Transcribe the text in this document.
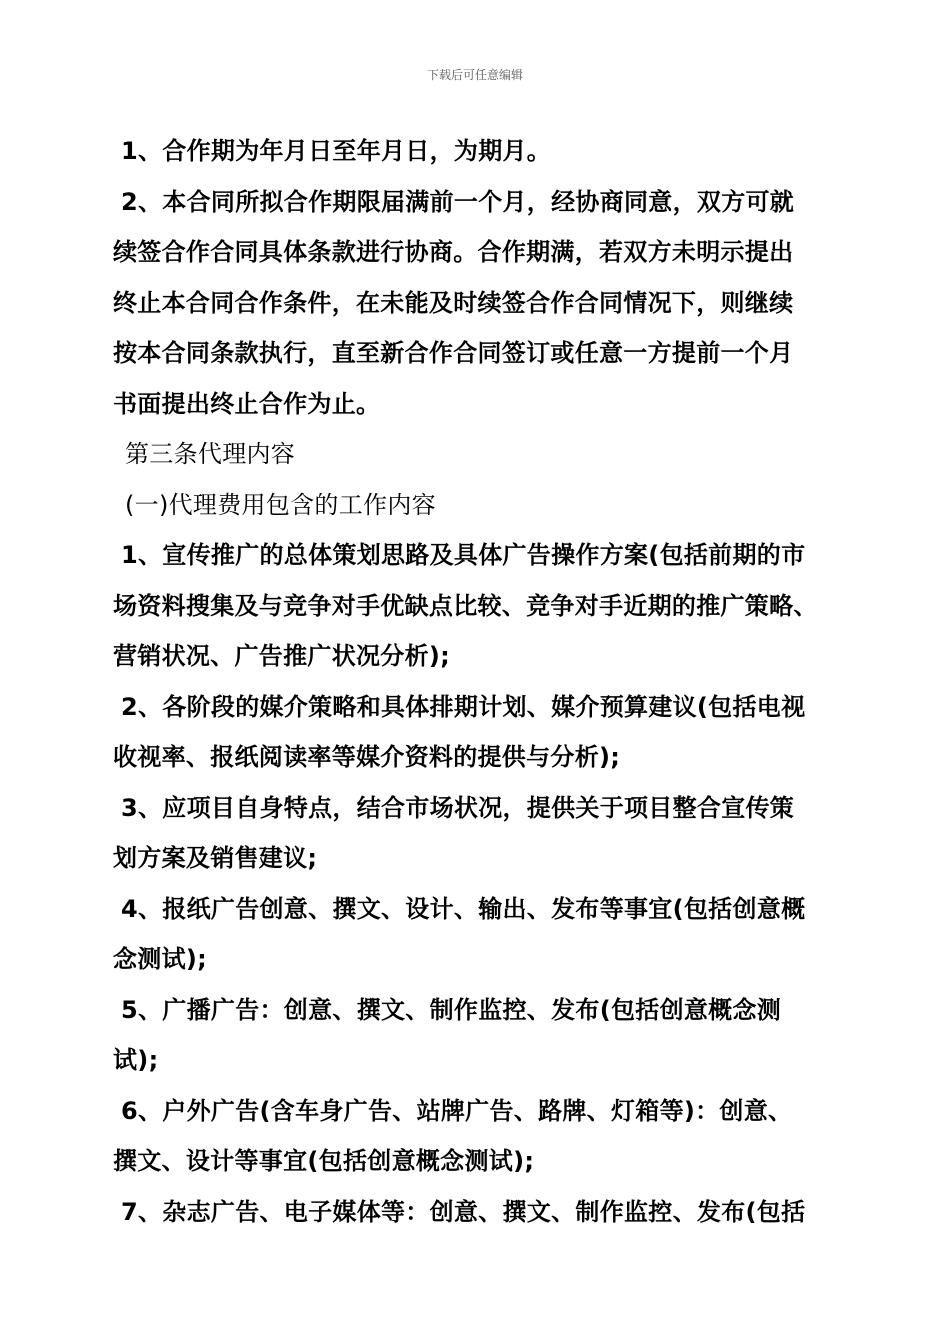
下载后可任意编辑
1、合作期为年月日至年月日，为期月。
2、本合同所拟合作期限届满前一个月，经协商同意，双方可就
续签合作合同具体条款进行协商。合作期满，若双方未明示提出
终止本合同合作条件，在未能及时续签合作合同情况下，则继续
按本合同条款执行，直至新合作合同签订或任意一方提前一个月
书面提出终止合作为止。
第三条代理内容
(一)代理费用包含的工作内容
1、宣传推广的总体策划思路及具体广告操作方案(包括前期的市
场资料搜集及与竞争对手优缺点比较、竞争对手近期的推广策略、
营销状况、广告推广状况分析);
2、各阶段的媒介策略和具体排期计划、媒介预算建议(包括电视
收视率、报纸阅读率等媒介资料的提供与分析);
3、应项目自身特点，结合市场状况，提供关于项目整合宣传策
划方案及销售建议;
4、报纸广告创意、撰文、设计、输出、发布等事宜(包括创意概
念测试);
5、广播广告：创意、撰文、制作监控、发布(包括创意概念测
试);
6、户外广告(含车身广告、站牌广告、路牌、灯箱等)：创意、
撰文、设计等事宜(包括创意概念测试);
7、杂志广告、电子媒体等：创意、撰文、制作监控、发布(包括
